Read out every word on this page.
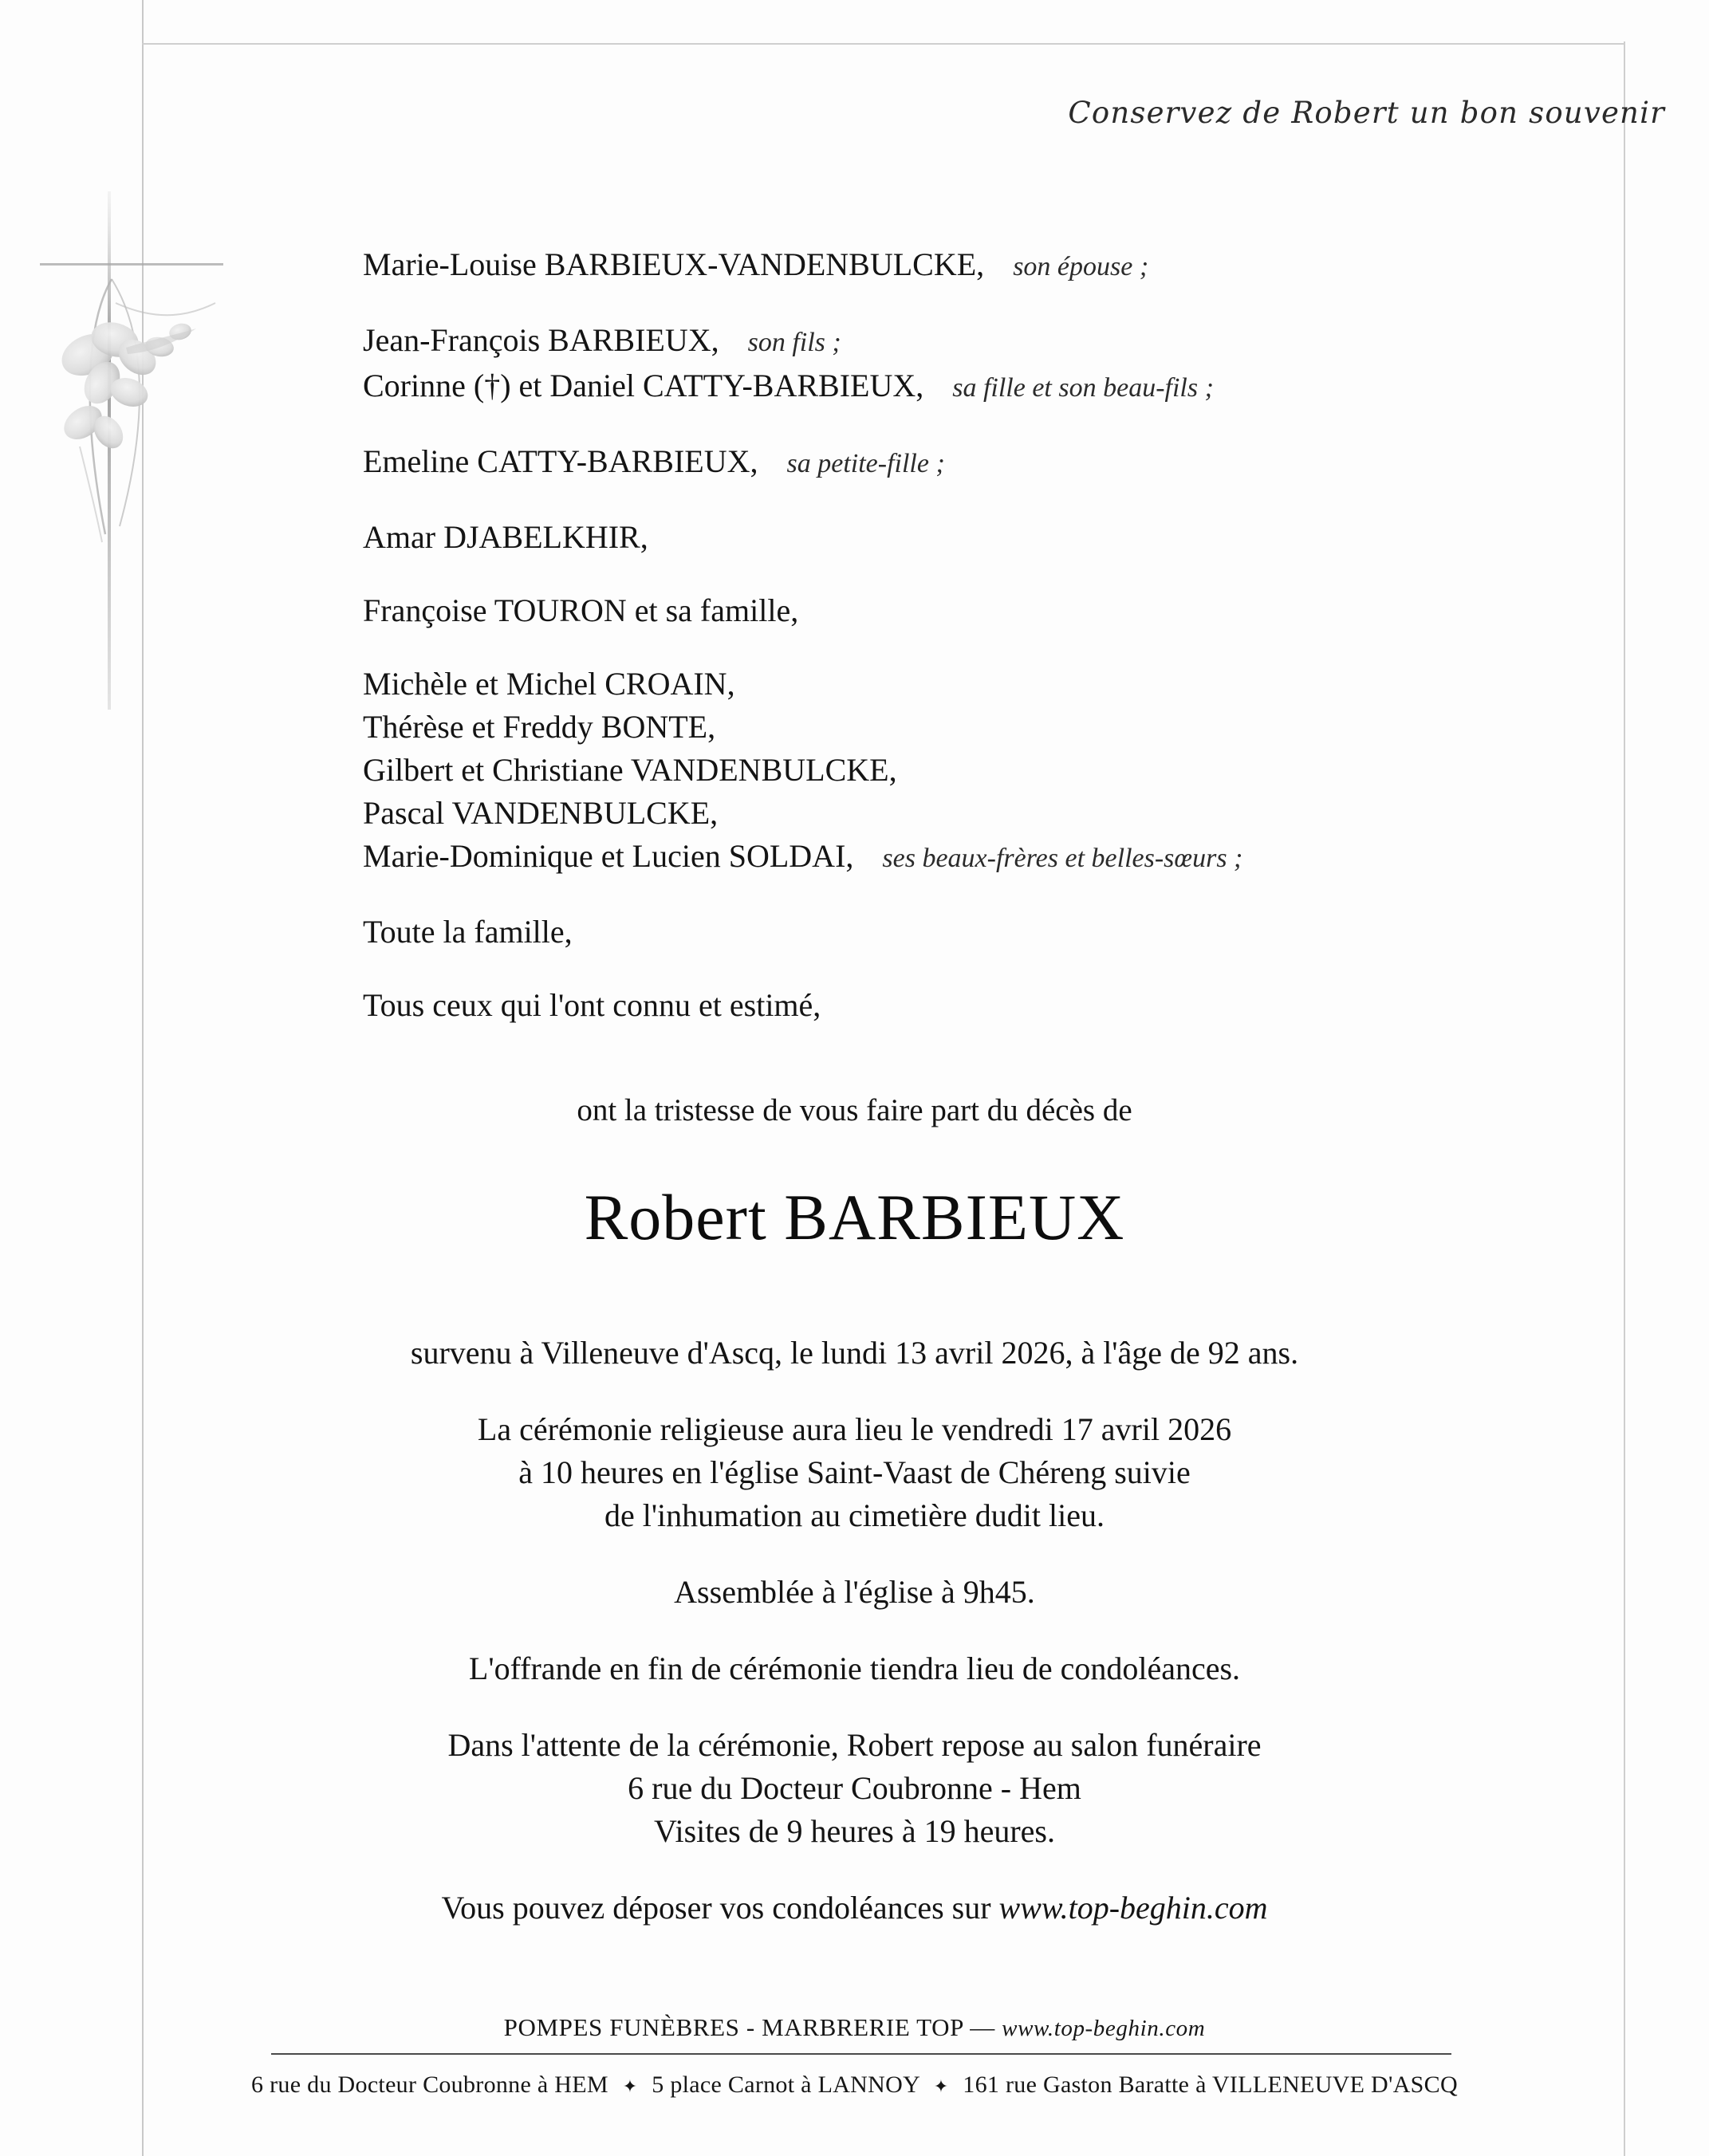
Conservez de Robert un bon souvenir
Marie-Louise BARBIEUX-VANDENBULCKE, son épouse ;
Jean-François BARBIEUX, son fils ;
Corinne (†) et Daniel CATTY-BARBIEUX, sa fille et son beau-fils ;
Emeline CATTY-BARBIEUX, sa petite-fille ;
Amar DJABELKHIR,
Françoise TOURON et sa famille,
Michèle et Michel CROAIN,
Thérèse et Freddy BONTE,
Gilbert et Christiane VANDENBULCKE,
Pascal VANDENBULCKE,
Marie-Dominique et Lucien SOLDAI, ses beaux-frères et belles-sœurs ;
Toute la famille,
Tous ceux qui l'ont connu et estimé,
ont la tristesse de vous faire part du décès de
Robert BARBIEUX
survenu à Villeneuve d'Ascq, le lundi 13 avril 2026, à l'âge de 92 ans.
La cérémonie religieuse aura lieu le vendredi 17 avril 2026
à 10 heures en l'église Saint-Vaast de Chéreng suivie
de l'inhumation au cimetière dudit lieu.
Assemblée à l'église à 9h45.
L'offrande en fin de cérémonie tiendra lieu de condoléances.
Dans l'attente de la cérémonie, Robert repose au salon funéraire
6 rue du Docteur Coubronne - Hem
Visites de 9 heures à 19 heures.
Vous pouvez déposer vos condoléances sur www.top-beghin.com
POMPES FUNÈBRES - MARBRERIE TOP — www.top-beghin.com
6 rue du Docteur Coubronne à HEM ✦ 5 place Carnot à LANNOY ✦ 161 rue Gaston Baratte à VILLENEUVE D'ASCQ
